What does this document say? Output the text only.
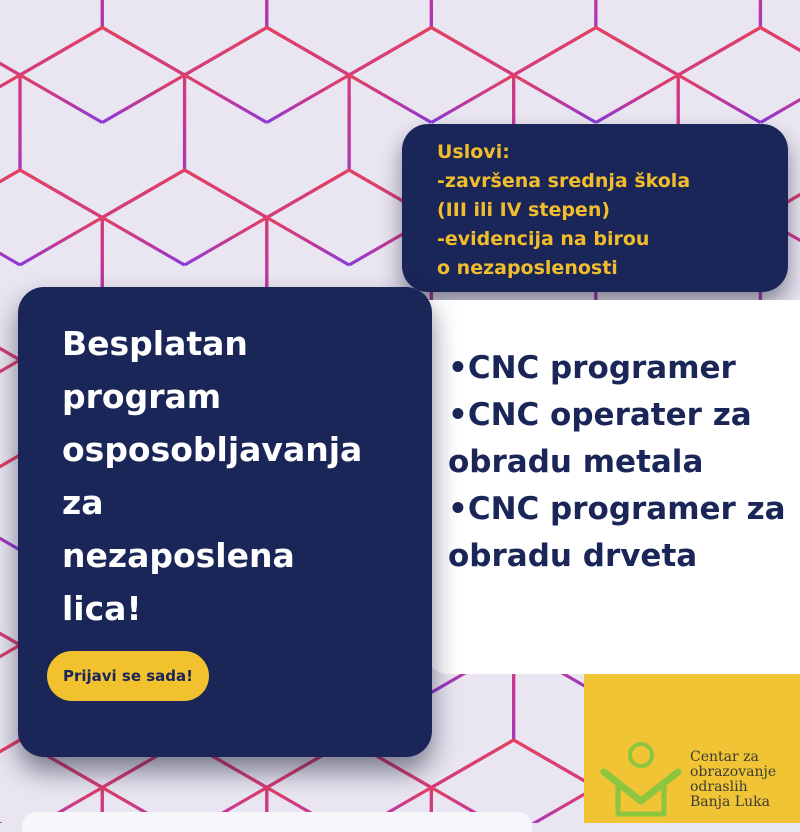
Uslovi:
-završena srednja škola
(III ili IV stepen)
-evidencija na birou
o nezaposlenosti
•CNC programer
•CNC operater za
obradu metala
•CNC programer za
obradu drveta
Besplatan
program
osposobljavanja
za
nezaposlena
lica!
Prijavi se sada!
Centar za
obrazovanje
odraslih
Banja Luka
